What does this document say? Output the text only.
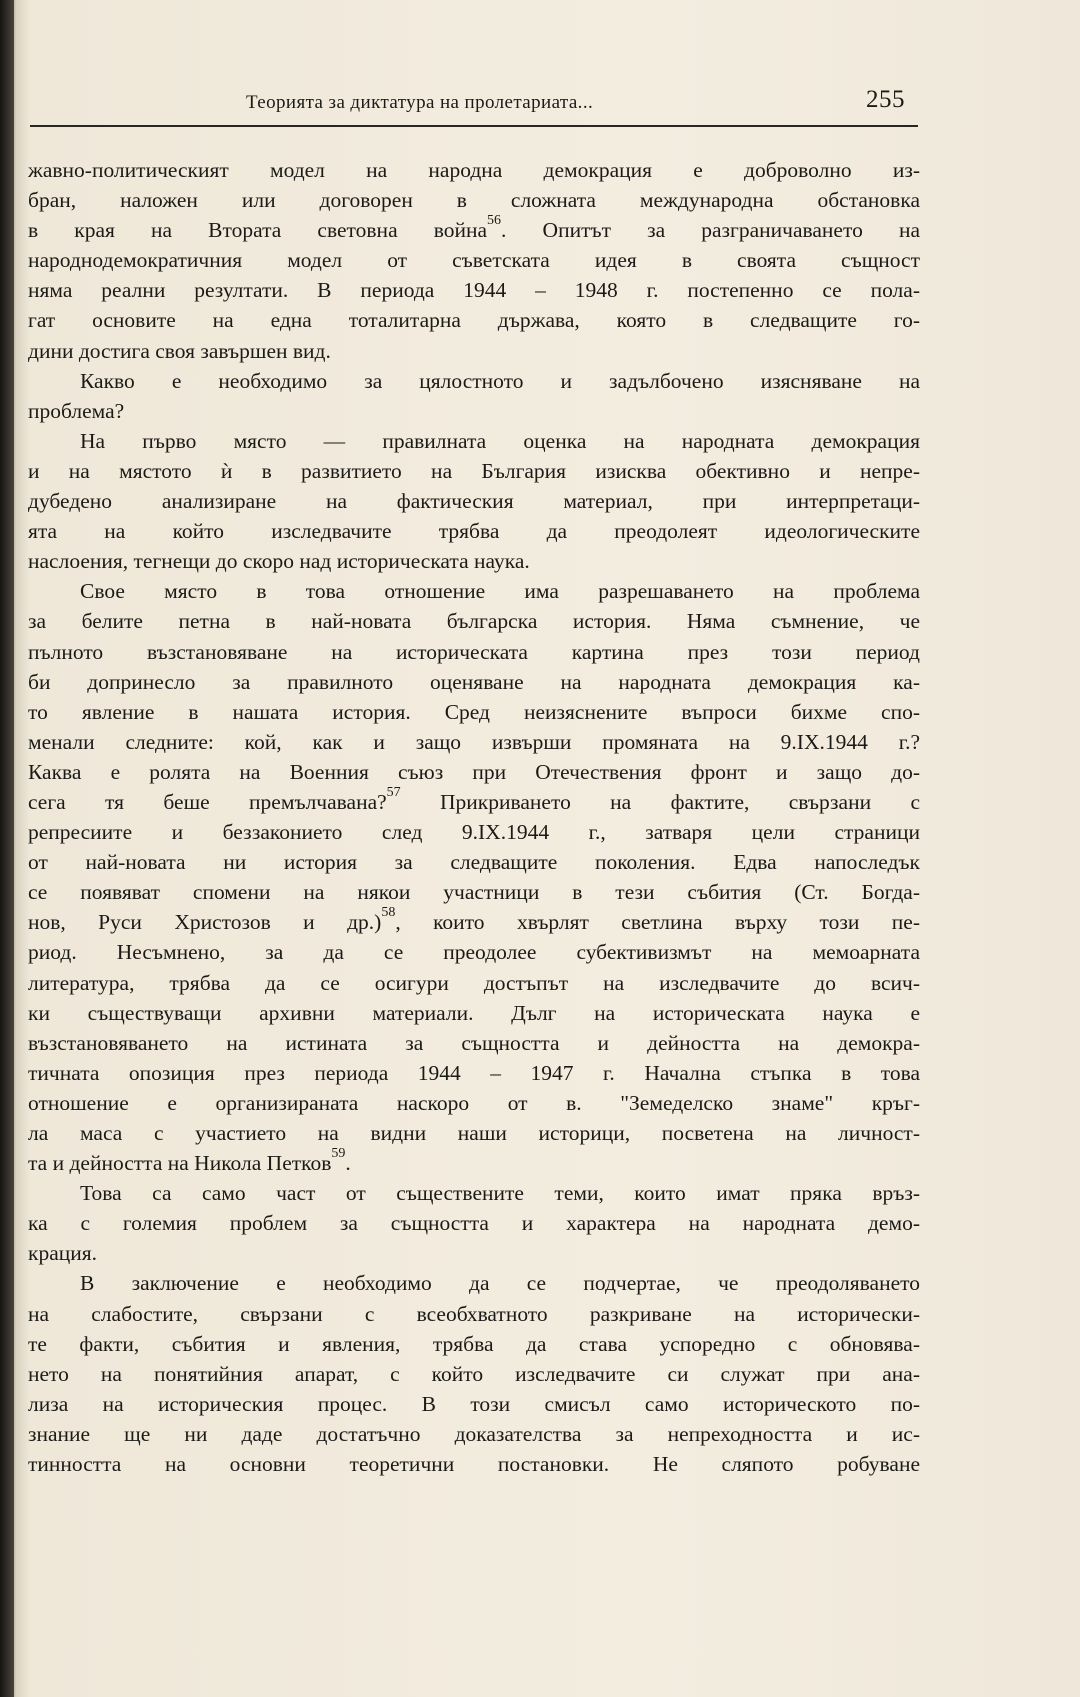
Теорията за диктатура на пролетариата...	255
жавно-политическият модел на народна демокрация е доброволно из-
бран, наложен или договорен в сложната международна обстановка
в края на Втората световна война$^{56}$. Опитът за разграничаването на
народнодемократичния модел от съветската идея в своята същност
няма реални резултати. В периода 1944 – 1948 г. постепенно се пола-
гат основите на една тоталитарна държава, която в следващите го-
дини достига своя завършен вид.
Какво е необходимо за цялостното и задълбочено изясняване на
проблема?
На първо място — правилната оценка на народната демокрация
и на мястото ѝ в развитието на България изисква обективно и непре-
дубедено анализиране на фактическия материал, при интерпретаци-
ята на който изследвачите трябва да преодолеят идеологическите
наслоения, тегнещи до скоро над историческата наука.
Свое място в това отношение има разрешаването на проблема
за белите петна в най-новата българска история. Няма съмнение, че
пълното възстановяване на историческата картина през този период
би допринесло за правилното оценяване на народната демокрация ка-
то явление в нашата история. Сред неизяснените въпроси бихме спо-
менали следните: кой, как и защо извърши промяната на 9.IX.1944 г.?
Каква е ролята на Военния съюз при Отечествения фронт и защо до-
сега тя беше премълчавана?$^{57}$ Прикриването на фактите, свързани с
репресиите и беззаконието след 9.IX.1944 г., затваря цели страници
от най-новата ни история за следващите поколения. Едва напоследък
се появяват спомени на някои участници в тези събития (Ст. Богда-
нов, Руси Христозов и др.)$^{58}$, които хвърлят светлина върху този пе-
риод. Несъмнено, за да се преодолее субективизмът на мемоарната
литература, трябва да се осигури достъпът на изследвачите до всич-
ки съществуващи архивни материали. Дълг на историческата наука е
възстановяването на истината за същността и дейността на демокра-
тичната опозиция през периода 1944 – 1947 г. Начална стъпка в това
отношение е организираната наскоро от в. "Земеделско знаме" кръг-
ла маса с участието на видни наши историци, посветена на личност-
та и дейността на Никола Петков$^{59}$.
Това са само част от съществените теми, които имат пряка връз-
ка с големия проблем за същността и характера на народната демо-
крация.
В заключение е необходимо да се подчертае, че преодоляването
на слабостите, свързани с всеобхватното разкриване на исторически-
те факти, събития и явления, трябва да става успоредно с обновява-
нето на понятийния апарат, с който изследвачите си служат при ана-
лиза на историческия процес. В този смисъл само историческото по-
знание ще ни даде достатъчно доказателства за непреходността и ис-
тинността на основни теоретични постановки. Не сляпото робуване
